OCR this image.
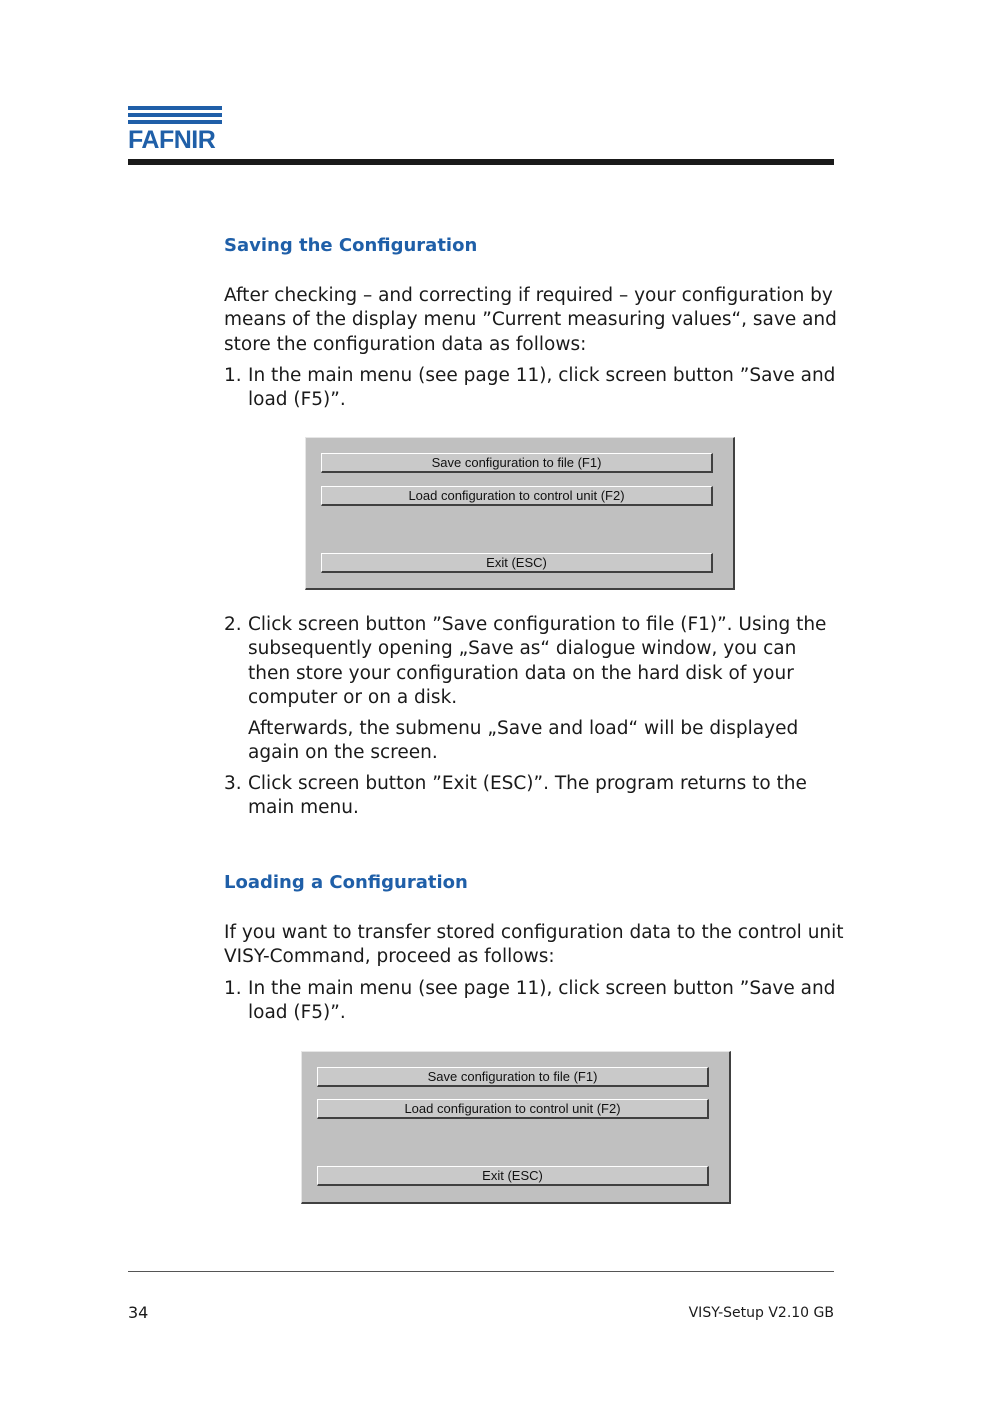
FAFNIR
Saving the Configuration

After checking – and correcting if required – your configuration by means of the display menu ”Current measuring values“, save and store the configuration data as follows:

1. In the main menu (see page 11), click screen button ”Save and load (F5)”.

Save configuration to file (F1)
Load configuration to control unit (F2)
Exit (ESC)
2. Click screen button ”Save configuration to file (F1)”. Using the subsequently opening „Save as“ dialogue window, you can then store your configuration data on the hard disk of your computer or on a disk.

Afterwards, the submenu „Save and load“ will be displayed again on the screen.

3. Click screen button ”Exit (ESC)”. The program returns to the main menu.

Loading a Configuration

If you want to transfer stored configuration data to the control unit VISY-Command, proceed as follows:

1. In the main menu (see page 11), click screen button ”Save and load (F5)”.

Save configuration to file (F1)
Load configuration to control unit (F2)
Exit (ESC)
34	VISY-Setup V2.10 GB
